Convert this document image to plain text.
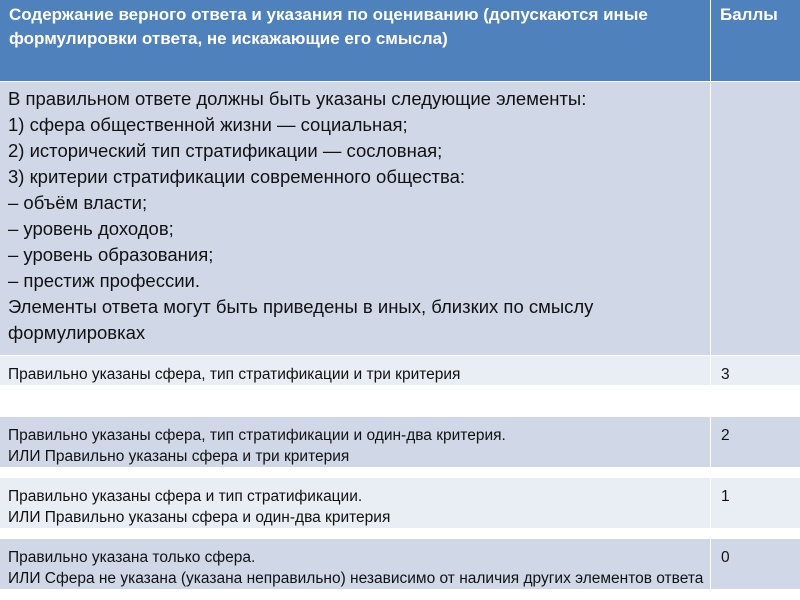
Содержание верного ответа и указания по оцениванию (допускаются иные формулировки ответа, не искажающие его смысла)
Баллы
В правильном ответе должны быть указаны следующие элементы:
1) сфера общественной жизни — социальная;
2) исторический тип стратификации — сословная;
3) критерии стратификации современного общества:
– объём власти;
– уровень доходов;
– уровень образования;
– престиж профессии.
Элементы ответа могут быть приведены в иных, близких по смыслу формулировках
Правильно указаны сфера, тип стратификации и три критерия	3
Правильно указаны сфера, тип стратификации и один-два критерия.
ИЛИ Правильно указаны сфера и три критерия
2
Правильно указаны сфера и тип стратификации.
ИЛИ Правильно указаны сфера и один-два критерия
1
Правильно указана только сфера.
ИЛИ Сфера не указана (указана неправильно) независимо от наличия других элементов ответа
0
